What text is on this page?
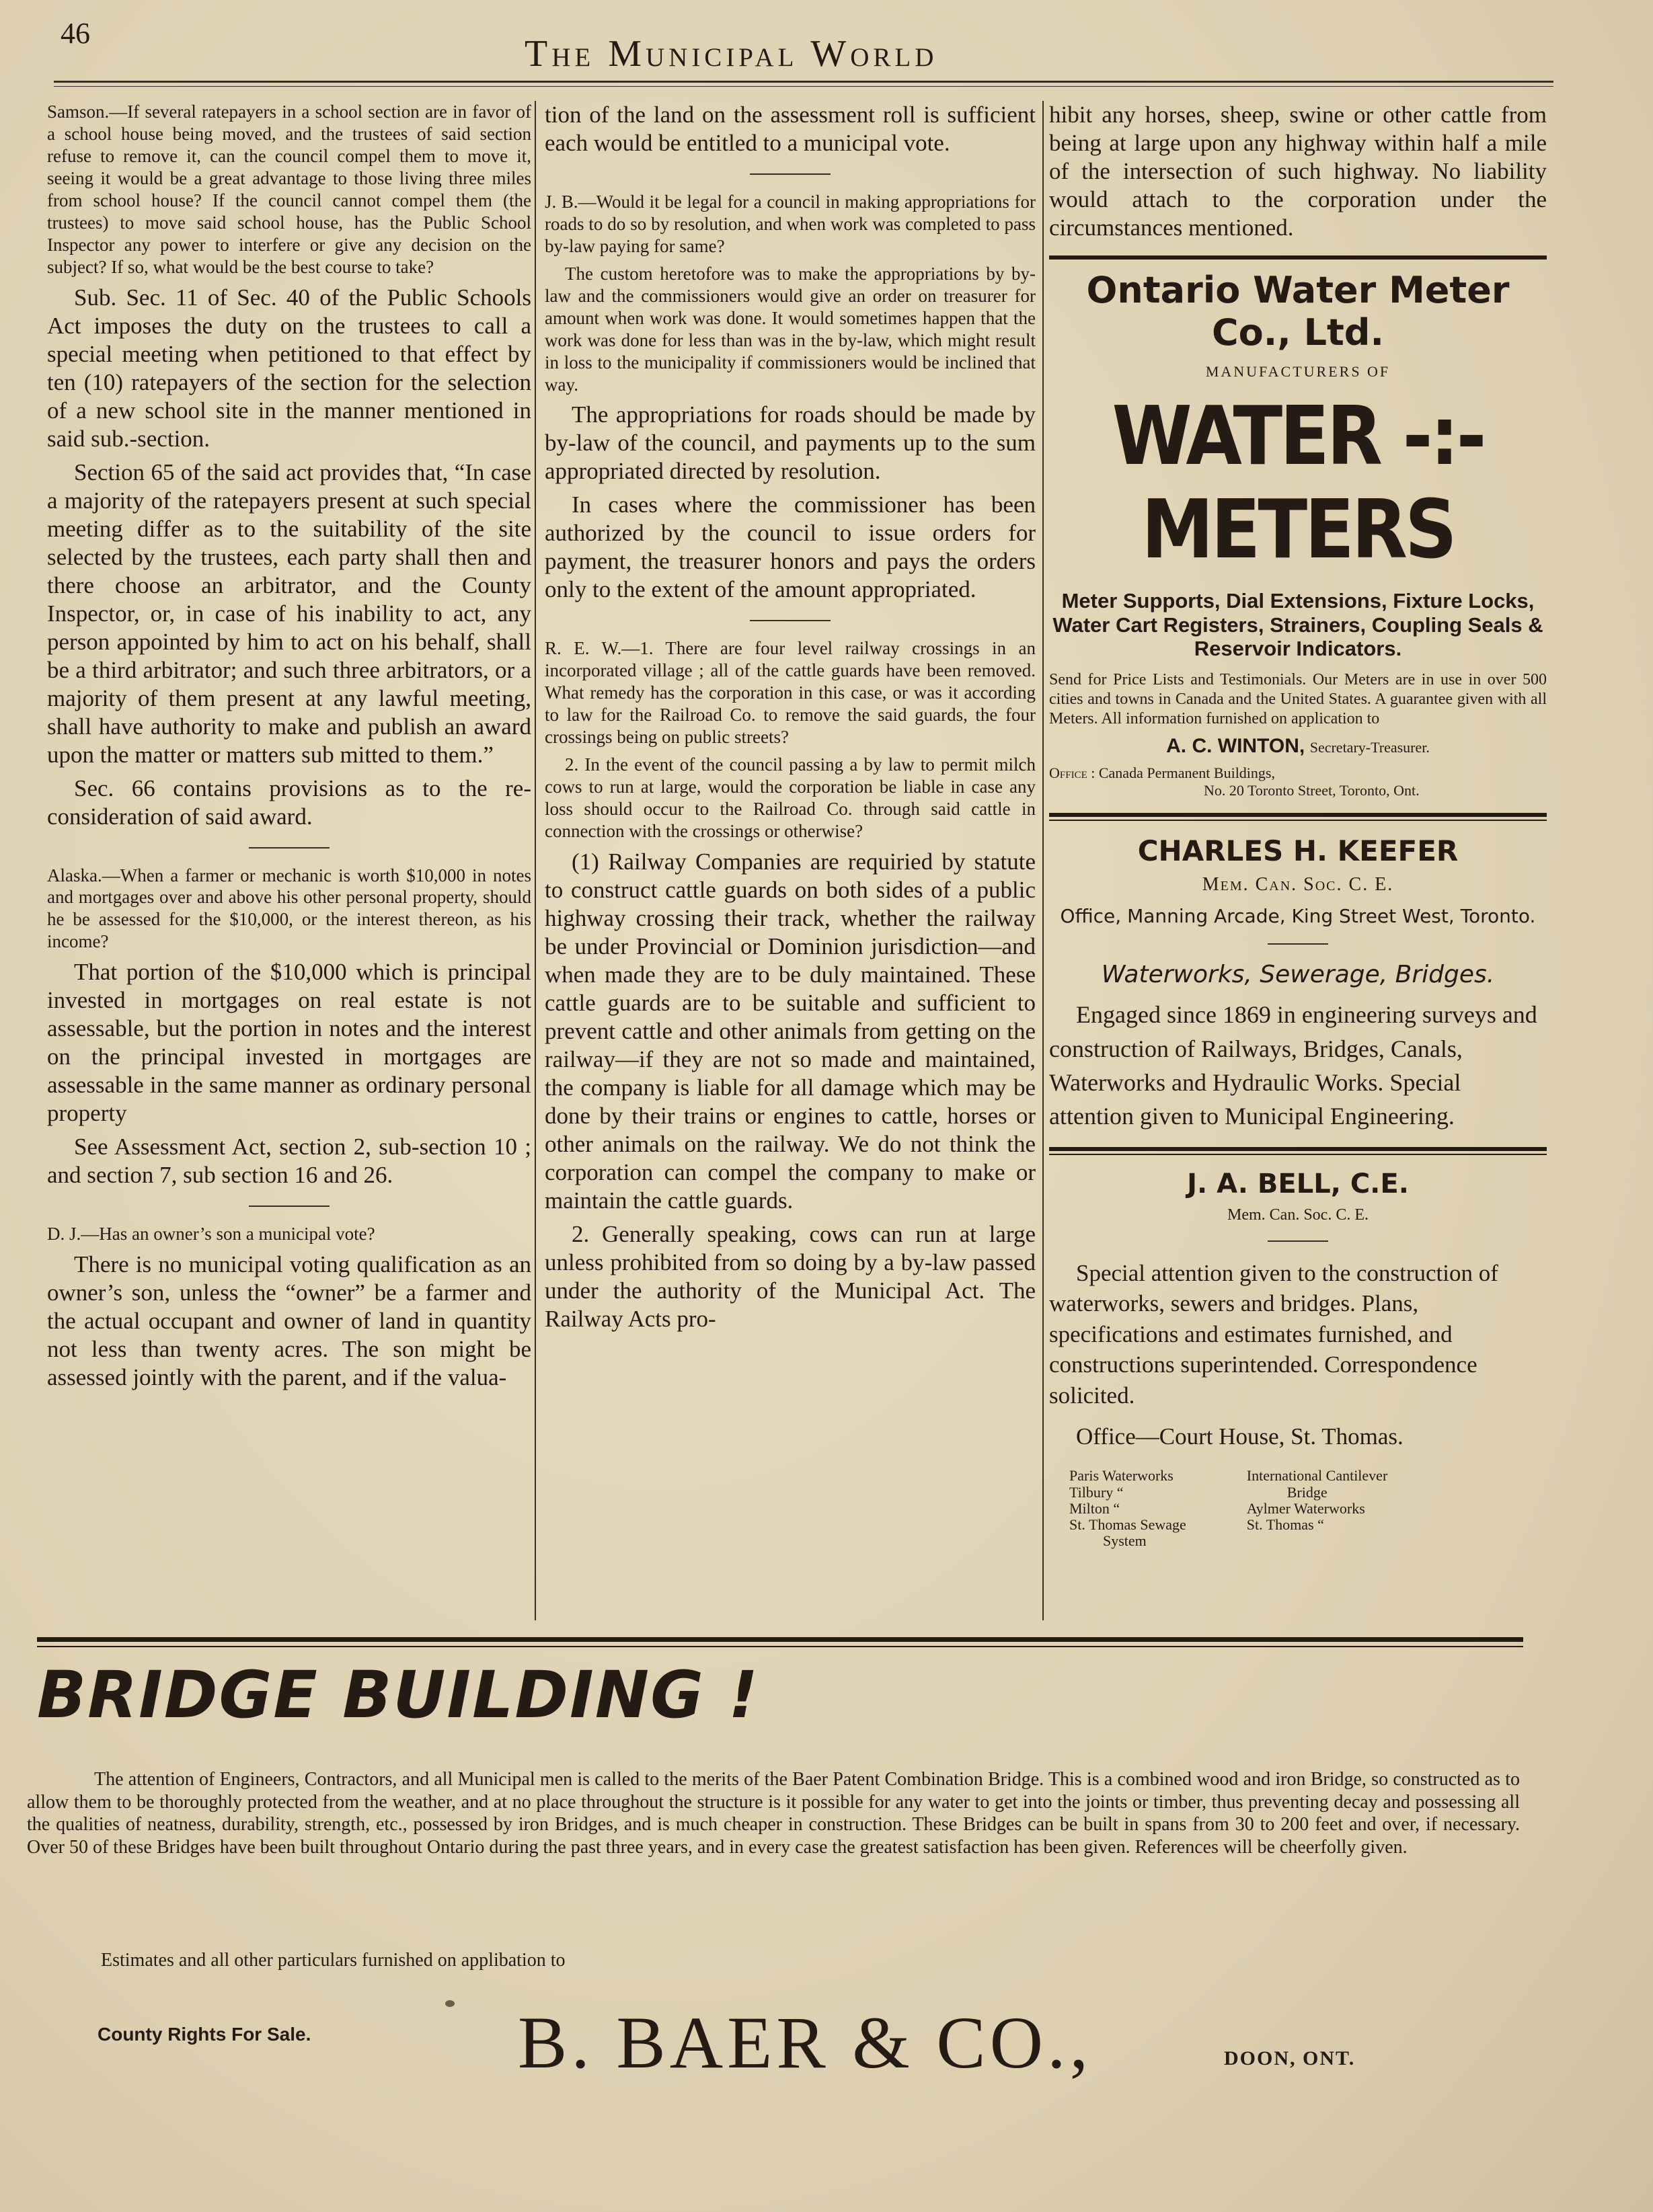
46	The Municipal World

Samson.—If several ratepayers in a school section are in favor of a school house being moved, and the trustees of said section refuse to remove it, can the council compel them to move it, seeing it would be a great advantage to those living three miles from school house? If the council cannot compel them (the trustees) to move said school house, has the Public School Inspector any power to interfere or give any decision on the subject? If so, what would be the best course to take?

Sub. Sec. 11 of Sec. 40 of the Public Schools Act imposes the duty on the trustees to call a special meeting when petitioned to that effect by ten (10) ratepayers of the section for the selection of a new school site in the manner mentioned in said sub.-section.

Section 65 of the said act provides that, “In case a majority of the ratepayers present at such special meeting differ as to the suitability of the site selected by the trustees, each party shall then and there choose an arbitrator, and the County Inspector, or, in case of his inability to act, any person appointed by him to act on his behalf, shall be a third arbitrator; and such three arbitrators, or a majority of them present at any lawful meeting, shall have authority to make and publish an award upon the matter or matters sub mitted to them.”

Sec. 66 contains provisions as to the re-consideration of said award.

Alaska.—When a farmer or mechanic is worth $10,000 in notes and mortgages over and above his other personal property, should he be assessed for the $10,000, or the interest thereon, as his income?

That portion of the $10,000 which is principal invested in mortgages on real estate is not assessable, but the portion in notes and the interest on the principal invested in mortgages are assessable in the same manner as ordinary personal property

See Assessment Act, section 2, sub-section 10 ; and section 7, sub section 16 and 26.

D. J.—Has an owner’s son a municipal vote?

There is no municipal voting qualification as an owner’s son, unless the “owner” be a farmer and the actual occupant and owner of land in quantity not less than twenty acres. The son might be assessed jointly with the parent, and if the valua-

tion of the land on the assessment roll is sufficient each would be entitled to a municipal vote.

J. B.—Would it be legal for a council in making appropriations for roads to do so by resolution, and when work was completed to pass by-law paying for same?

The custom heretofore was to make the appropriations by by-law and the commissioners would give an order on treasurer for amount when work was done. It would sometimes happen that the work was done for less than was in the by-law, which might result in loss to the municipality if commissioners would be inclined that way.

The appropriations for roads should be made by by-law of the council, and payments up to the sum appropriated directed by resolution.

In cases where the commissioner has been authorized by the council to issue orders for payment, the treasurer honors and pays the orders only to the extent of the amount appropriated.

R. E. W.—1. There are four level railway crossings in an incorporated village ; all of the cattle guards have been removed. What remedy has the corporation in this case, or was it according to law for the Railroad Co. to remove the said guards, the four crossings being on public streets?

2. In the event of the council passing a by law to permit milch cows to run at large, would the corporation be liable in case any loss should occur to the Railroad Co. through said cattle in connection with the crossings or otherwise?

(1) Railway Companies are requiried by statute to construct cattle guards on both sides of a public highway crossing their track, whether the railway be under Provincial or Dominion jurisdiction—and when made they are to be duly maintained. These cattle guards are to be suitable and sufficient to prevent cattle and other animals from getting on the railway—if they are not so made and maintained, the company is liable for all damage which may be done by their trains or engines to cattle, horses or other animals on the railway. We do not think the corporation can compel the company to make or maintain the cattle guards.

2. Generally speaking, cows can run at large unless prohibited from so doing by a by-law passed under the authority of the Municipal Act. The Railway Acts pro-

hibit any horses, sheep, swine or other cattle from being at large upon any highway within half a mile of the intersection of such highway. No liability would attach to the corporation under the circumstances mentioned.

Ontario Water Meter Co., Ltd.
MANUFACTURERS OF
WATER -:- METERS
Meter Supports, Dial Extensions, Fixture Locks, Water Cart Registers, Strainers, Coupling Seals & Reservoir Indicators.

Send for Price Lists and Testimonials. Our Meters are in use in over 500 cities and towns in Canada and the United States. A guarantee given with all Meters. All information furnished on application to

A. C. WINTON, Secretary-Treasurer.
Office : Canada Permanent Buildings,
No. 20 Toronto Street, Toronto, Ont.
CHARLES H. KEEFER
Mem. Can. Soc. C. E.
Office, Manning Arcade, King Street West, Toronto.
Waterworks, Sewerage, Bridges.

Engaged since 1869 in engineering surveys and construction of Railways, Bridges, Canals, Waterworks and Hydraulic Works. Special attention given to Municipal Engineering.

J. A. BELL, C.E.
Mem. Can. Soc. C. E.

Special attention given to the construction of waterworks, sewers and bridges. Plans, specifications and estimates furnished, and constructions superintended. Correspondence solicited.

Office—Court House, St. Thomas.

Paris Waterworks
Tilbury “
Milton “
St. Thomas Sewage
System
International Cantilever
Bridge
Aylmer Waterworks
St. Thomas “
BRIDGE BUILDING !
The attention of Engineers, Contractors, and all Municipal men is called to the merits of the Baer Patent Combination Bridge. This is a combined wood and iron Bridge, so constructed as to allow them to be thoroughly protected from the weather, and at no place throughout the structure is it possible for any water to get into the joints or timber, thus preventing decay and possessing all the qualities of neatness, durability, strength, etc., possessed by iron Bridges, and is much cheaper in construction. These Bridges can be built in spans from 30 to 200 feet and over, if necessary. Over 50 of these Bridges have been built throughout Ontario during the past three years, and in every case the greatest satisfaction has been given. References will be cheerfolly given.
Estimates and all other particulars furnished on applibation to
County Rights For Sale.	B. BAER & CO.,	DOON, ONT.
